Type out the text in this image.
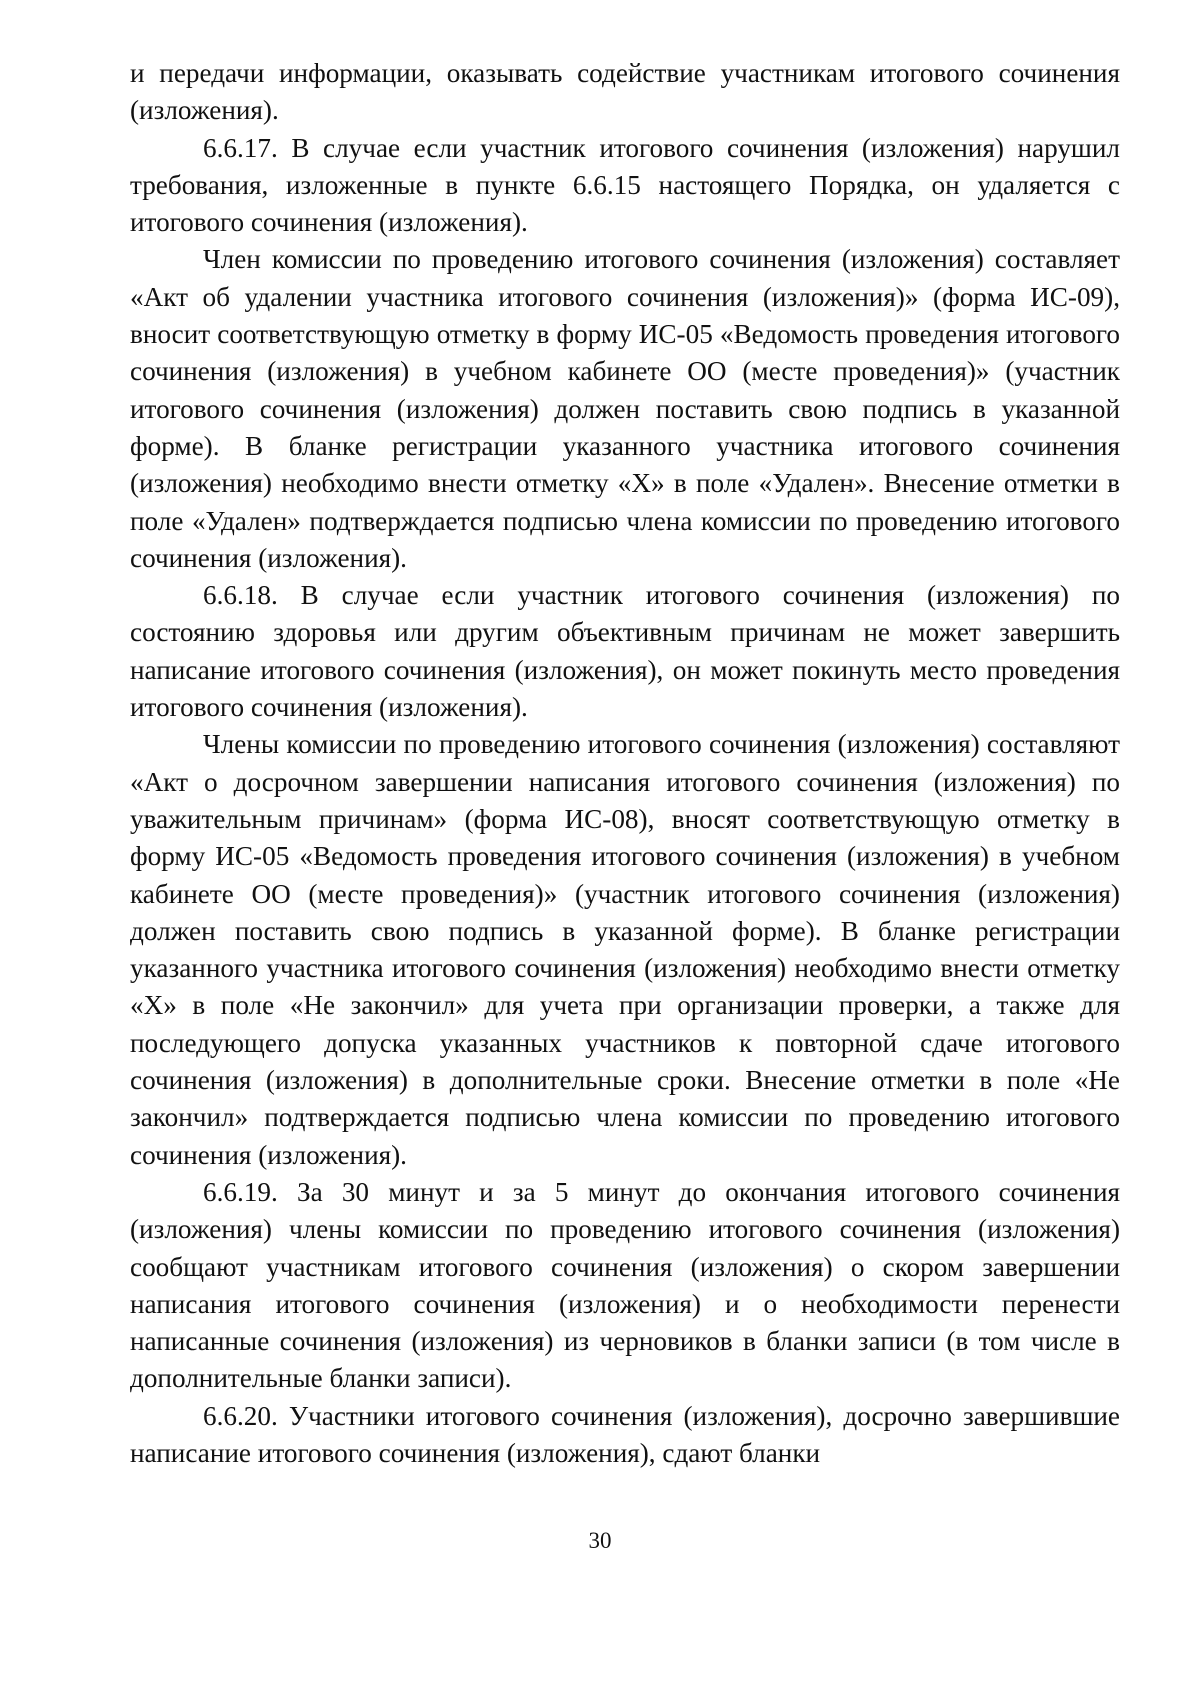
и передачи информации, оказывать содействие участникам итогового сочинения (изложения).

6.6.17. В случае если участник итогового сочинения (изложения) нарушил требования, изложенные в пункте 6.6.15 настоящего Порядка, он удаляется с итогового сочинения (изложения).

Член комиссии по проведению итогового сочинения (изложения) составляет «Акт об удалении участника итогового сочинения (изложения)» (форма ИС-09), вносит соответствующую отметку в форму ИС-05 «Ведомость проведения итогового сочинения (изложения) в учебном кабинете ОО (месте проведения)» (участник итогового сочинения (изложения) должен поставить свою подпись в указанной форме). В бланке регистрации указанного участника итогового сочинения (изложения) необходимо внести отметку «X» в поле «Удален». Внесение отметки в поле «Удален» подтверждается подписью члена комиссии по проведению итогового сочинения (изложения).

6.6.18. В случае если участник итогового сочинения (изложения) по состоянию здоровья или другим объективным причинам не может завершить написание итогового сочинения (изложения), он может покинуть место проведения итогового сочинения (изложения).

Члены комиссии по проведению итогового сочинения (изложения) составляют «Акт о досрочном завершении написания итогового сочинения (изложения) по уважительным причинам» (форма ИС-08), вносят соответствующую отметку в форму ИС-05 «Ведомость проведения итогового сочинения (изложения) в учебном кабинете ОО (месте проведения)» (участник итогового сочинения (изложения) должен поставить свою подпись в указанной форме). В бланке регистрации указанного участника итогового сочинения (изложения) необходимо внести отметку «X» в поле «Не закончил» для учета при организации проверки, а также для последующего допуска указанных участников к повторной сдаче итогового сочинения (изложения) в дополнительные сроки. Внесение отметки в поле «Не закончил» подтверждается подписью члена комиссии по проведению итогового сочинения (изложения).

6.6.19. За 30 минут и за 5 минут до окончания итогового сочинения (изложения) члены комиссии по проведению итогового сочинения (изложения) сообщают участникам итогового сочинения (изложения) о скором завершении написания итогового сочинения (изложения) и о необходимости перенести написанные сочинения (изложения) из черновиков в бланки записи (в том числе в дополнительные бланки записи).

6.6.20. Участники итогового сочинения (изложения), досрочно завершившие написание итогового сочинения (изложения), сдают бланки

30
